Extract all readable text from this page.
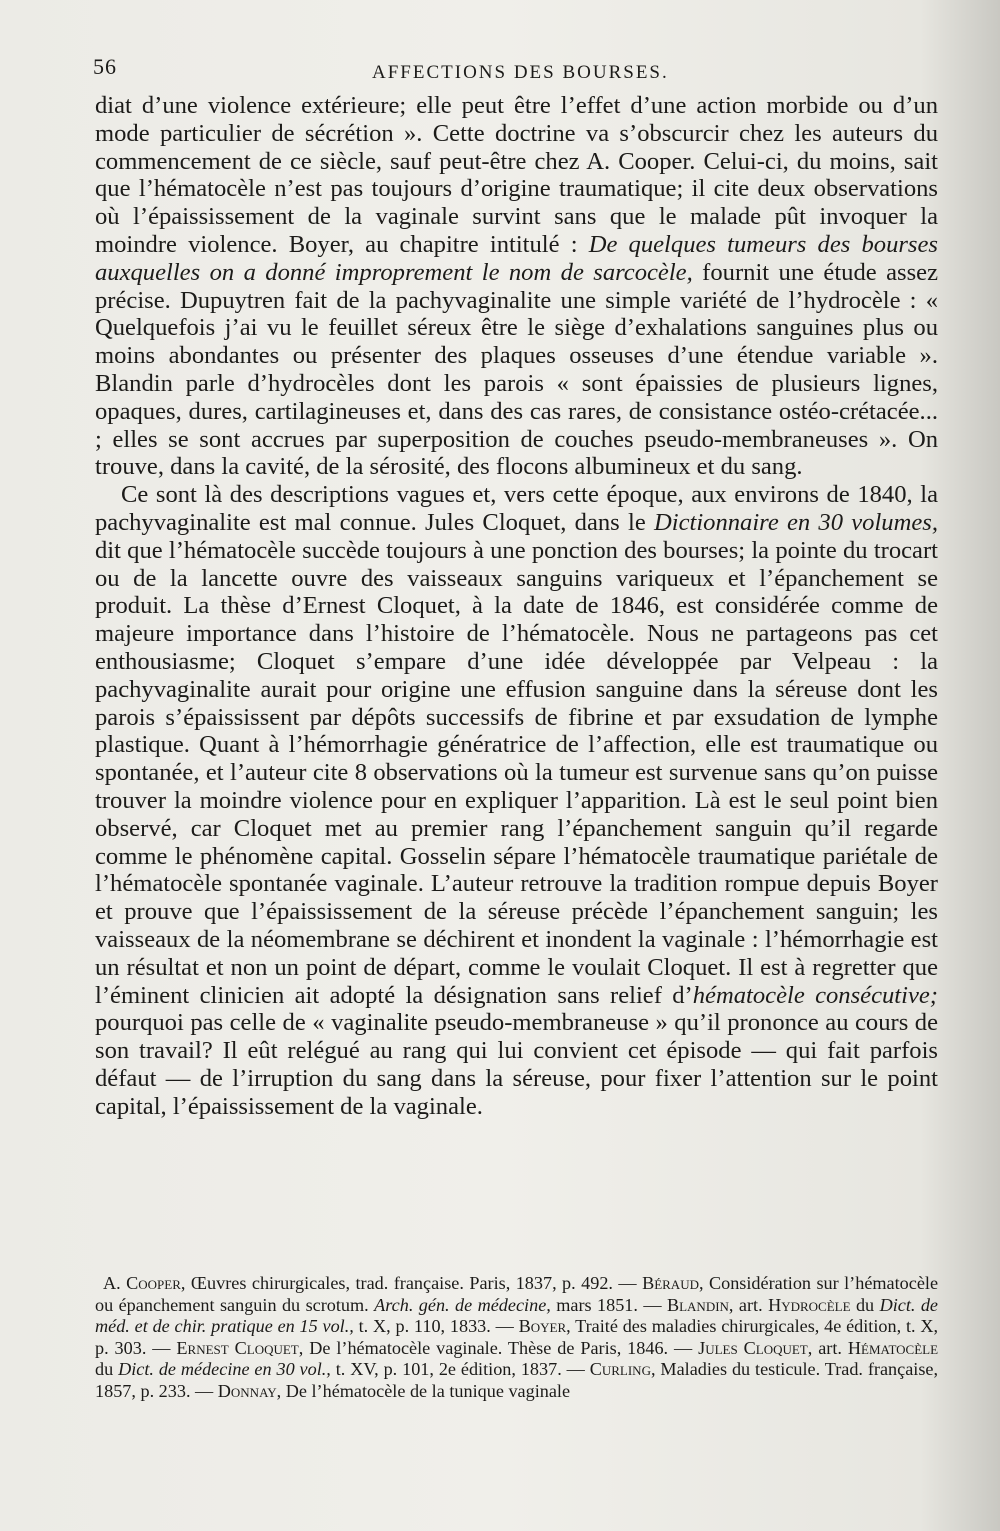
56	AFFECTIONS DES BOURSES.

diat d’une violence extérieure; elle peut être l’effet d’une action morbide ou d’un mode particulier de sécrétion ». Cette doctrine va s’obscurcir chez les auteurs du commencement de ce siècle, sauf peut-être chez A. Cooper. Celui-ci, du moins, sait que l’hématocèle n’est pas toujours d’origine traumatique; il cite deux observations où l’épaississement de la vaginale survint sans que le malade pût invoquer la moindre violence. Boyer, au chapitre intitulé : De quelques tumeurs des bourses auxquelles on a donné improprement le nom de sarcocèle, fournit une étude assez précise. Dupuytren fait de la pachyvaginalite une simple variété de l’hydrocèle : « Quelquefois j’ai vu le feuillet séreux être le siège d’exhalations sanguines plus ou moins abondantes ou présenter des plaques osseuses d’une étendue variable ». Blandin parle d’hydrocèles dont les parois « sont épaissies de plusieurs lignes, opaques, dures, cartilagineuses et, dans des cas rares, de consistance ostéo-crétacée... ; elles se sont accrues par superposition de couches pseudo-membraneuses ». On trouve, dans la cavité, de la sérosité, des flocons albumineux et du sang.

Ce sont là des descriptions vagues et, vers cette époque, aux environs de 1840, la pachyvaginalite est mal connue. Jules Cloquet, dans le Dictionnaire en 30 volumes, dit que l’hématocèle succède toujours à une ponction des bourses; la pointe du trocart ou de la lancette ouvre des vaisseaux sanguins variqueux et l’épanchement se produit. La thèse d’Ernest Cloquet, à la date de 1846, est considérée comme de majeure importance dans l’histoire de l’hématocèle. Nous ne partageons pas cet enthousiasme; Cloquet s’empare d’une idée développée par Velpeau : la pachyvaginalite aurait pour origine une effusion sanguine dans la séreuse dont les parois s’épaississent par dépôts successifs de fibrine et par exsudation de lymphe plastique. Quant à l’hémorrhagie génératrice de l’affection, elle est traumatique ou spontanée, et l’auteur cite 8 observations où la tumeur est survenue sans qu’on puisse trouver la moindre violence pour en expliquer l’apparition. Là est le seul point bien observé, car Cloquet met au premier rang l’épanchement sanguin qu’il regarde comme le phénomène capital. Gosselin sépare l’hématocèle traumatique pariétale de l’hématocèle spontanée vaginale. L’auteur retrouve la tradition rompue depuis Boyer et prouve que l’épaississement de la séreuse précède l’épanchement sanguin; les vaisseaux de la néomembrane se déchirent et inondent la vaginale : l’hémorrhagie est un résultat et non un point de départ, comme le voulait Cloquet. Il est à regretter que l’éminent clinicien ait adopté la désignation sans relief d’hématocèle consécutive; pourquoi pas celle de « vaginalite pseudo-membraneuse » qu’il prononce au cours de son travail? Il eût relégué au rang qui lui convient cet épisode — qui fait parfois défaut — de l’irruption du sang dans la séreuse, pour fixer l’attention sur le point capital, l’épaississement de la vaginale.

A. Cooper, Œuvres chirurgicales, trad. française. Paris, 1837, p. 492. — Béraud, Considération sur l’hématocèle ou épanchement sanguin du scrotum. Arch. gén. de médecine, mars 1851. — Blandin, art. Hydrocèle du Dict. de méd. et de chir. pratique en 15 vol., t. X, p. 110, 1833. — Boyer, Traité des maladies chirurgicales, 4e édition, t. X, p. 303. — Ernest Cloquet, De l’hématocèle vaginale. Thèse de Paris, 1846. — Jules Cloquet, art. Hématocèle du Dict. de médecine en 30 vol., t. XV, p. 101, 2e édition, 1837. — Curling, Maladies du testicule. Trad. française, 1857, p. 233. — Donnay, De l’hématocèle de la tunique vaginale
